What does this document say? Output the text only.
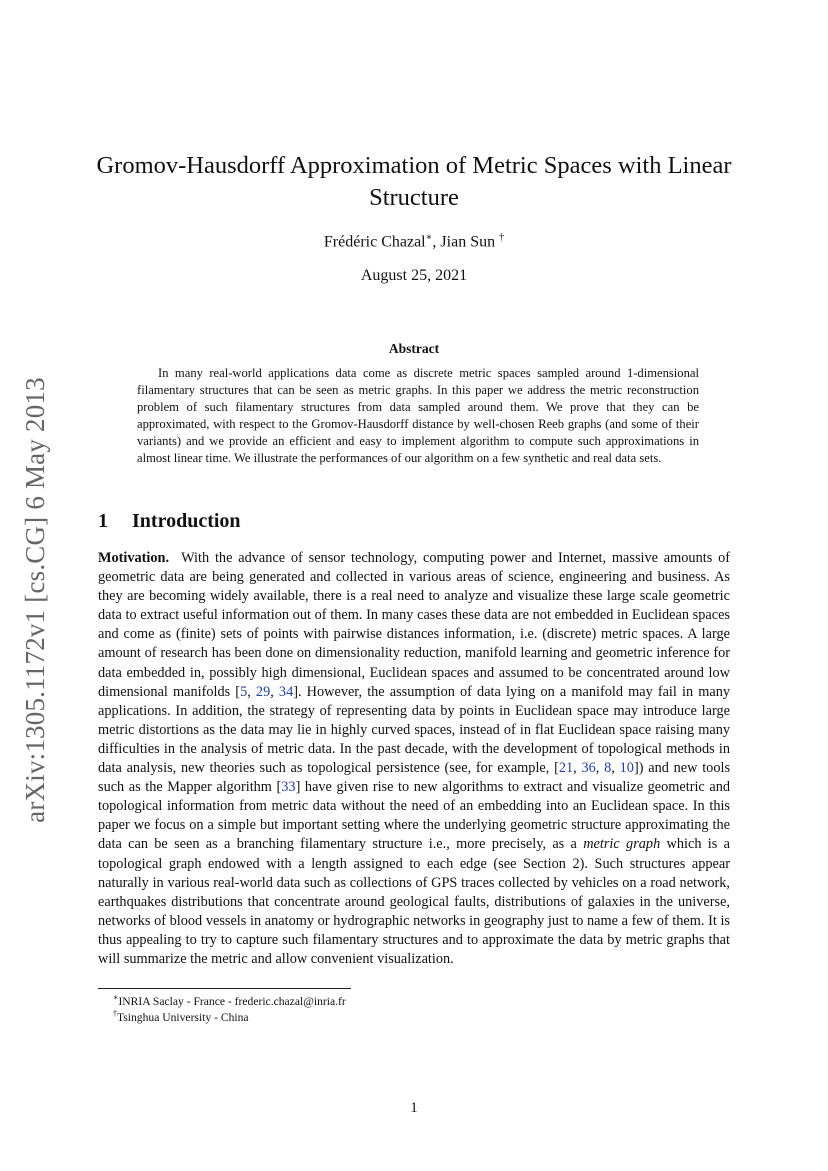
arXiv:1305.1172v1 [cs.CG] 6 May 2013
Gromov-Hausdorff Approximation of Metric Spaces with Linear Structure
Frédéric Chazal∗, Jian Sun †
August 25, 2021
Abstract

In many real-world applications data come as discrete metric spaces sampled around 1-dimensional filamentary structures that can be seen as metric graphs. In this paper we address the metric reconstruction problem of such filamentary structures from data sampled around them. We prove that they can be approximated, with respect to the Gromov-Hausdorff distance by well-chosen Reeb graphs (and some of their variants) and we provide an efficient and easy to implement algorithm to compute such approximations in almost linear time. We illustrate the performances of our algorithm on a few synthetic and real data sets.

1 Introduction

Motivation. With the advance of sensor technology, computing power and Internet, massive amounts of geometric data are being generated and collected in various areas of science, engineering and business. As they are becoming widely available, there is a real need to analyze and visualize these large scale geometric data to extract useful information out of them. In many cases these data are not embedded in Euclidean spaces and come as (finite) sets of points with pairwise distances information, i.e. (discrete) metric spaces. A large amount of research has been done on dimensionality reduction, manifold learning and geometric inference for data embedded in, possibly high dimensional, Euclidean spaces and assumed to be concentrated around low dimensional manifolds [5, 29, 34]. However, the assumption of data lying on a manifold may fail in many applications. In addition, the strategy of representing data by points in Euclidean space may introduce large metric distortions as the data may lie in highly curved spaces, instead of in flat Euclidean space raising many difficulties in the analysis of metric data. In the past decade, with the development of topological methods in data analysis, new theories such as topological persistence (see, for example, [21, 36, 8, 10]) and new tools such as the Mapper algorithm [33] have given rise to new algorithms to extract and visualize geometric and topological information from metric data without the need of an embedding into an Euclidean space. In this paper we focus on a simple but important setting where the underlying geometric structure approximating the data can be seen as a branching filamentary structure i.e., more precisely, as a metric graph which is a topological graph endowed with a length assigned to each edge (see Section 2). Such structures appear naturally in various real-world data such as collections of GPS traces collected by vehicles on a road network, earthquakes distributions that concentrate around geological faults, distributions of galaxies in the universe, networks of blood vessels in anatomy or hydrographic networks in geography just to name a few of them. It is thus appealing to try to capture such filamentary structures and to approximate the data by metric graphs that will summarize the metric and allow convenient visualization.

∗INRIA Saclay - France - frederic.chazal@inria.fr
†Tsinghua University - China
1
